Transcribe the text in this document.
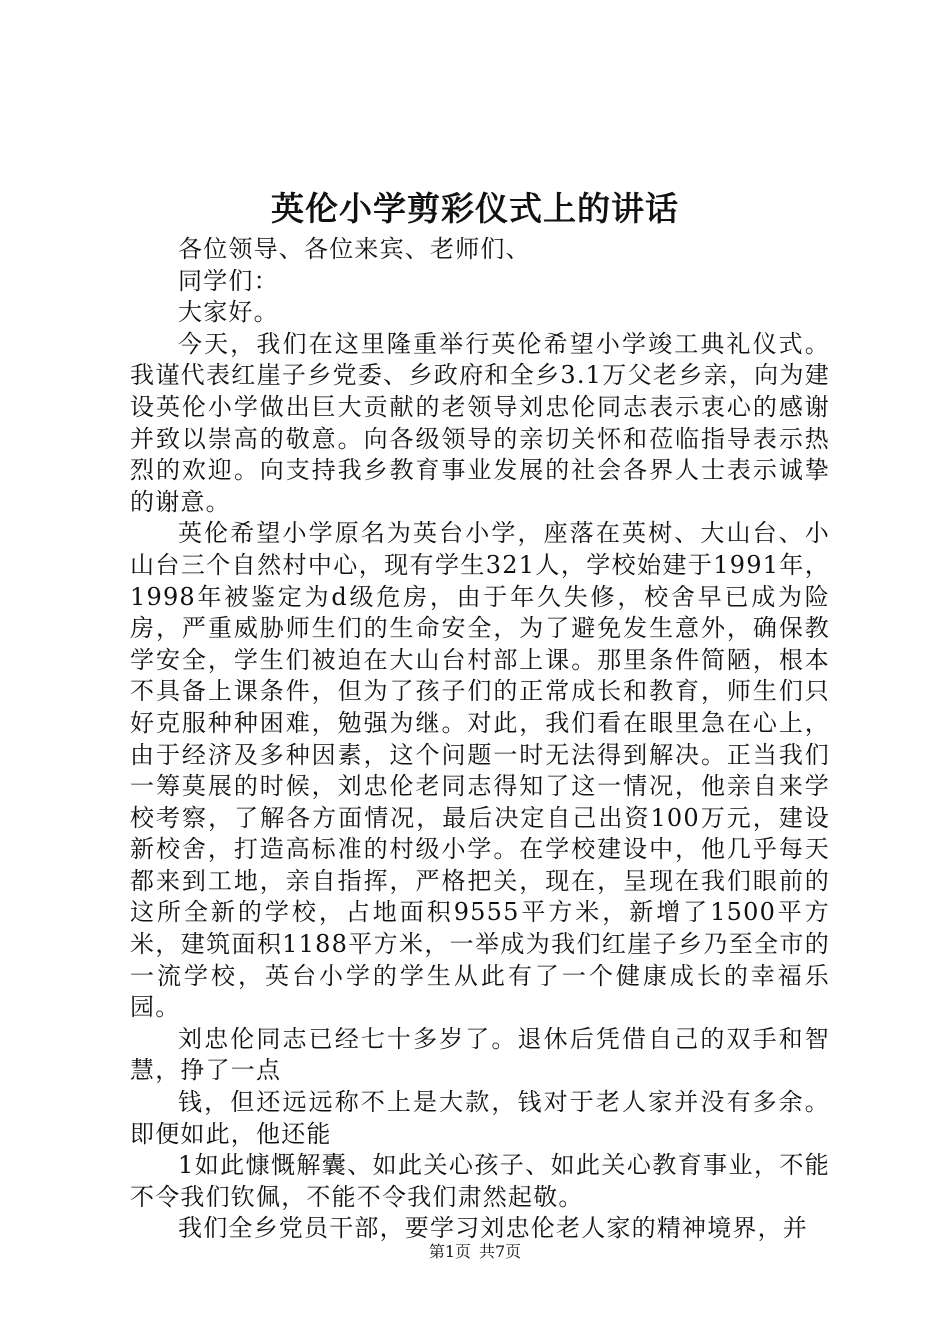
英伦小学剪彩仪式上的讲话

各位领导、各位来宾、老师们、

同学们：

大家好。

今天，我们在这里隆重举行英伦希望小学竣工典礼仪式。我谨代表红崖子乡党委、乡政府和全乡3.1万父老乡亲，向为建设英伦小学做出巨大贡献的老领导刘忠伦同志表示衷心的感谢并致以崇高的敬意。向各级领导的亲切关怀和莅临指导表示热烈的欢迎。向支持我乡教育事业发展的社会各界人士表示诚挚的谢意。

英伦希望小学原名为英台小学，座落在英树、大山台、小山台三个自然村中心，现有学生321人，学校始建于1991年，1998年被鉴定为d级危房，由于年久失修，校舍早已成为险房，严重威胁师生们的生命安全，为了避免发生意外，确保教学安全，学生们被迫在大山台村部上课。那里条件简陋，根本不具备上课条件，但为了孩子们的正常成长和教育，师生们只好克服种种困难，勉强为继。对此，我们看在眼里急在心上，由于经济及多种因素，这个问题一时无法得到解决。正当我们一筹莫展的时候，刘忠伦老同志得知了这一情况，他亲自来学校考察，了解各方面情况，最后决定自己出资100万元，建设新校舍，打造高标准的村级小学。在学校建设中，他几乎每天都来到工地，亲自指挥，严格把关，现在，呈现在我们眼前的这所全新的学校，占地面积9555平方米，新增了1500平方米，建筑面积1188平方米，一举成为我们红崖子乡乃至全市的一流学校，英台小学的学生从此有了一个健康成长的幸福乐园。

刘忠伦同志已经七十多岁了。退休后凭借自己的双手和智慧，挣了一点

钱，但还远远称不上是大款，钱对于老人家并没有多余。即便如此，他还能

1如此慷慨解囊、如此关心孩子、如此关心教育事业，不能不令我们钦佩，不能不令我们肃然起敬。

我们全乡党员干部，要学习刘忠伦老人家的精神境界，并

第1页 共7页
